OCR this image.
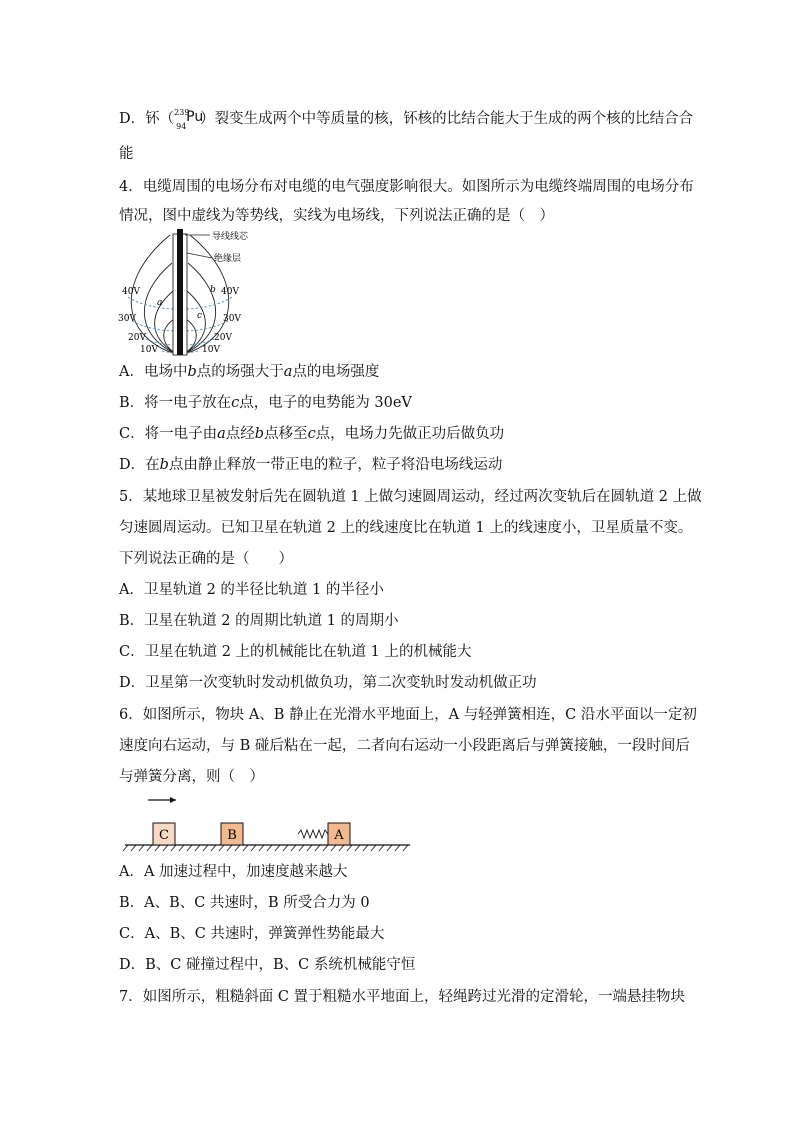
D．钚（ 239
94
Pu
）裂变生成两个中等质量的核，钚核的比结合能大于生成的两个核的比结合合
能
4．电缆周围的电场分布对电缆的电气强度影响很大。如图所示为电缆终端周围的电场分布
情况，图中虚线为等势线，实线为电场线，下列说法正确的是（　）
导线线芯
绝缘层
40V	40V
30V	30V
20V	20V
10V	10V
b
a
c
A．电场中b点的场强大于a点的电场强度
B．将一电子放在c点，电子的电势能为 30eV
C．将一电子由a点经b点移至c点，电场力先做正功后做负功
D．在b点由静止释放一带正电的粒子，粒子将沿电场线运动
5．某地球卫星被发射后先在圆轨道 1 上做匀速圆周运动，经过两次变轨后在圆轨道 2 上做
匀速圆周运动。已知卫星在轨道 2 上的线速度比在轨道 1 上的线速度小，卫星质量不变。
下列说法正确的是（　　）
A．卫星轨道 2 的半径比轨道 1 的半径小
B．卫星在轨道 2 的周期比轨道 1 的周期小
C．卫星在轨道 2 上的机械能比在轨道 1 上的机械能大
D．卫星第一次变轨时发动机做负功，第二次变轨时发动机做正功
6．如图所示，物块 A、B 静止在光滑水平地面上，A 与轻弹簧相连，C 沿水平面以一定初
速度向右运动，与 B 碰后粘在一起，二者向右运动一小段距离后与弹簧接触，一段时间后
与弹簧分离，则（　）
C	B	A
A．A 加速过程中，加速度越来越大
B．A、B、C 共速时，B 所受合力为 0
C．A、B、C 共速时，弹簧弹性势能最大
D．B、C 碰撞过程中，B、C 系统机械能守恒
7．如图所示，粗糙斜面 C 置于粗糙水平地面上，轻绳跨过光滑的定滑轮，一端悬挂物块
